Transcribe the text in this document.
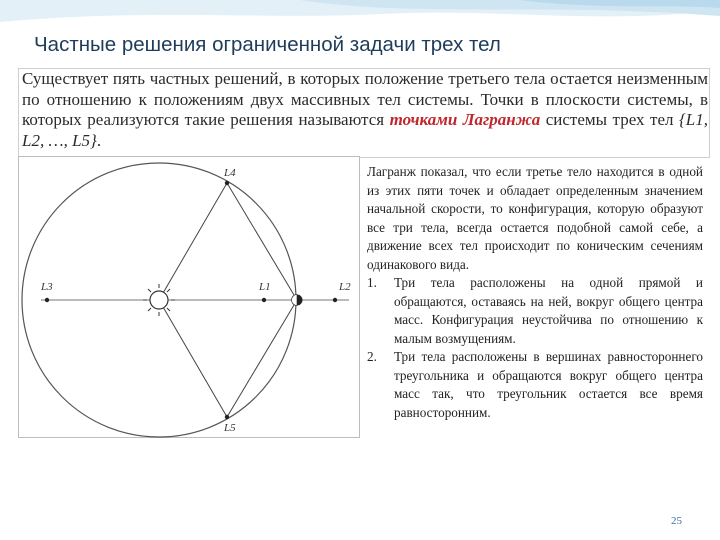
Частные решения ограниченной задачи трех тел

Существует пять частных решений, в которых положение третьего тела остается неизменным по отношению к положениям двух массивных тел системы. Точки в плоскости системы, в которых реализуются такие решения называются точками Лагранжа системы трех тел {L1, L2, …, L5}.

L1	L2
L3
L4
L5

Лагранж показал, что если третье тело находится в одной из этих пяти точек и обладает определенным значением начальной скорости, то конфигурация, которую образуют все три тела, всегда остается подобной самой себе, а движение всех тел происходит по коническим сечениям одинакового вида.

1. Три тела расположены на одной прямой и обращаются, оставаясь на ней, вокруг общего центра масс. Конфигурация неустойчива по отношению к малым возмущениям.
2. Три тела расположены в вершинах равностороннего треугольника и обращаются вокруг общего центра масс так, что треугольник остается все время равносторонним.
25
